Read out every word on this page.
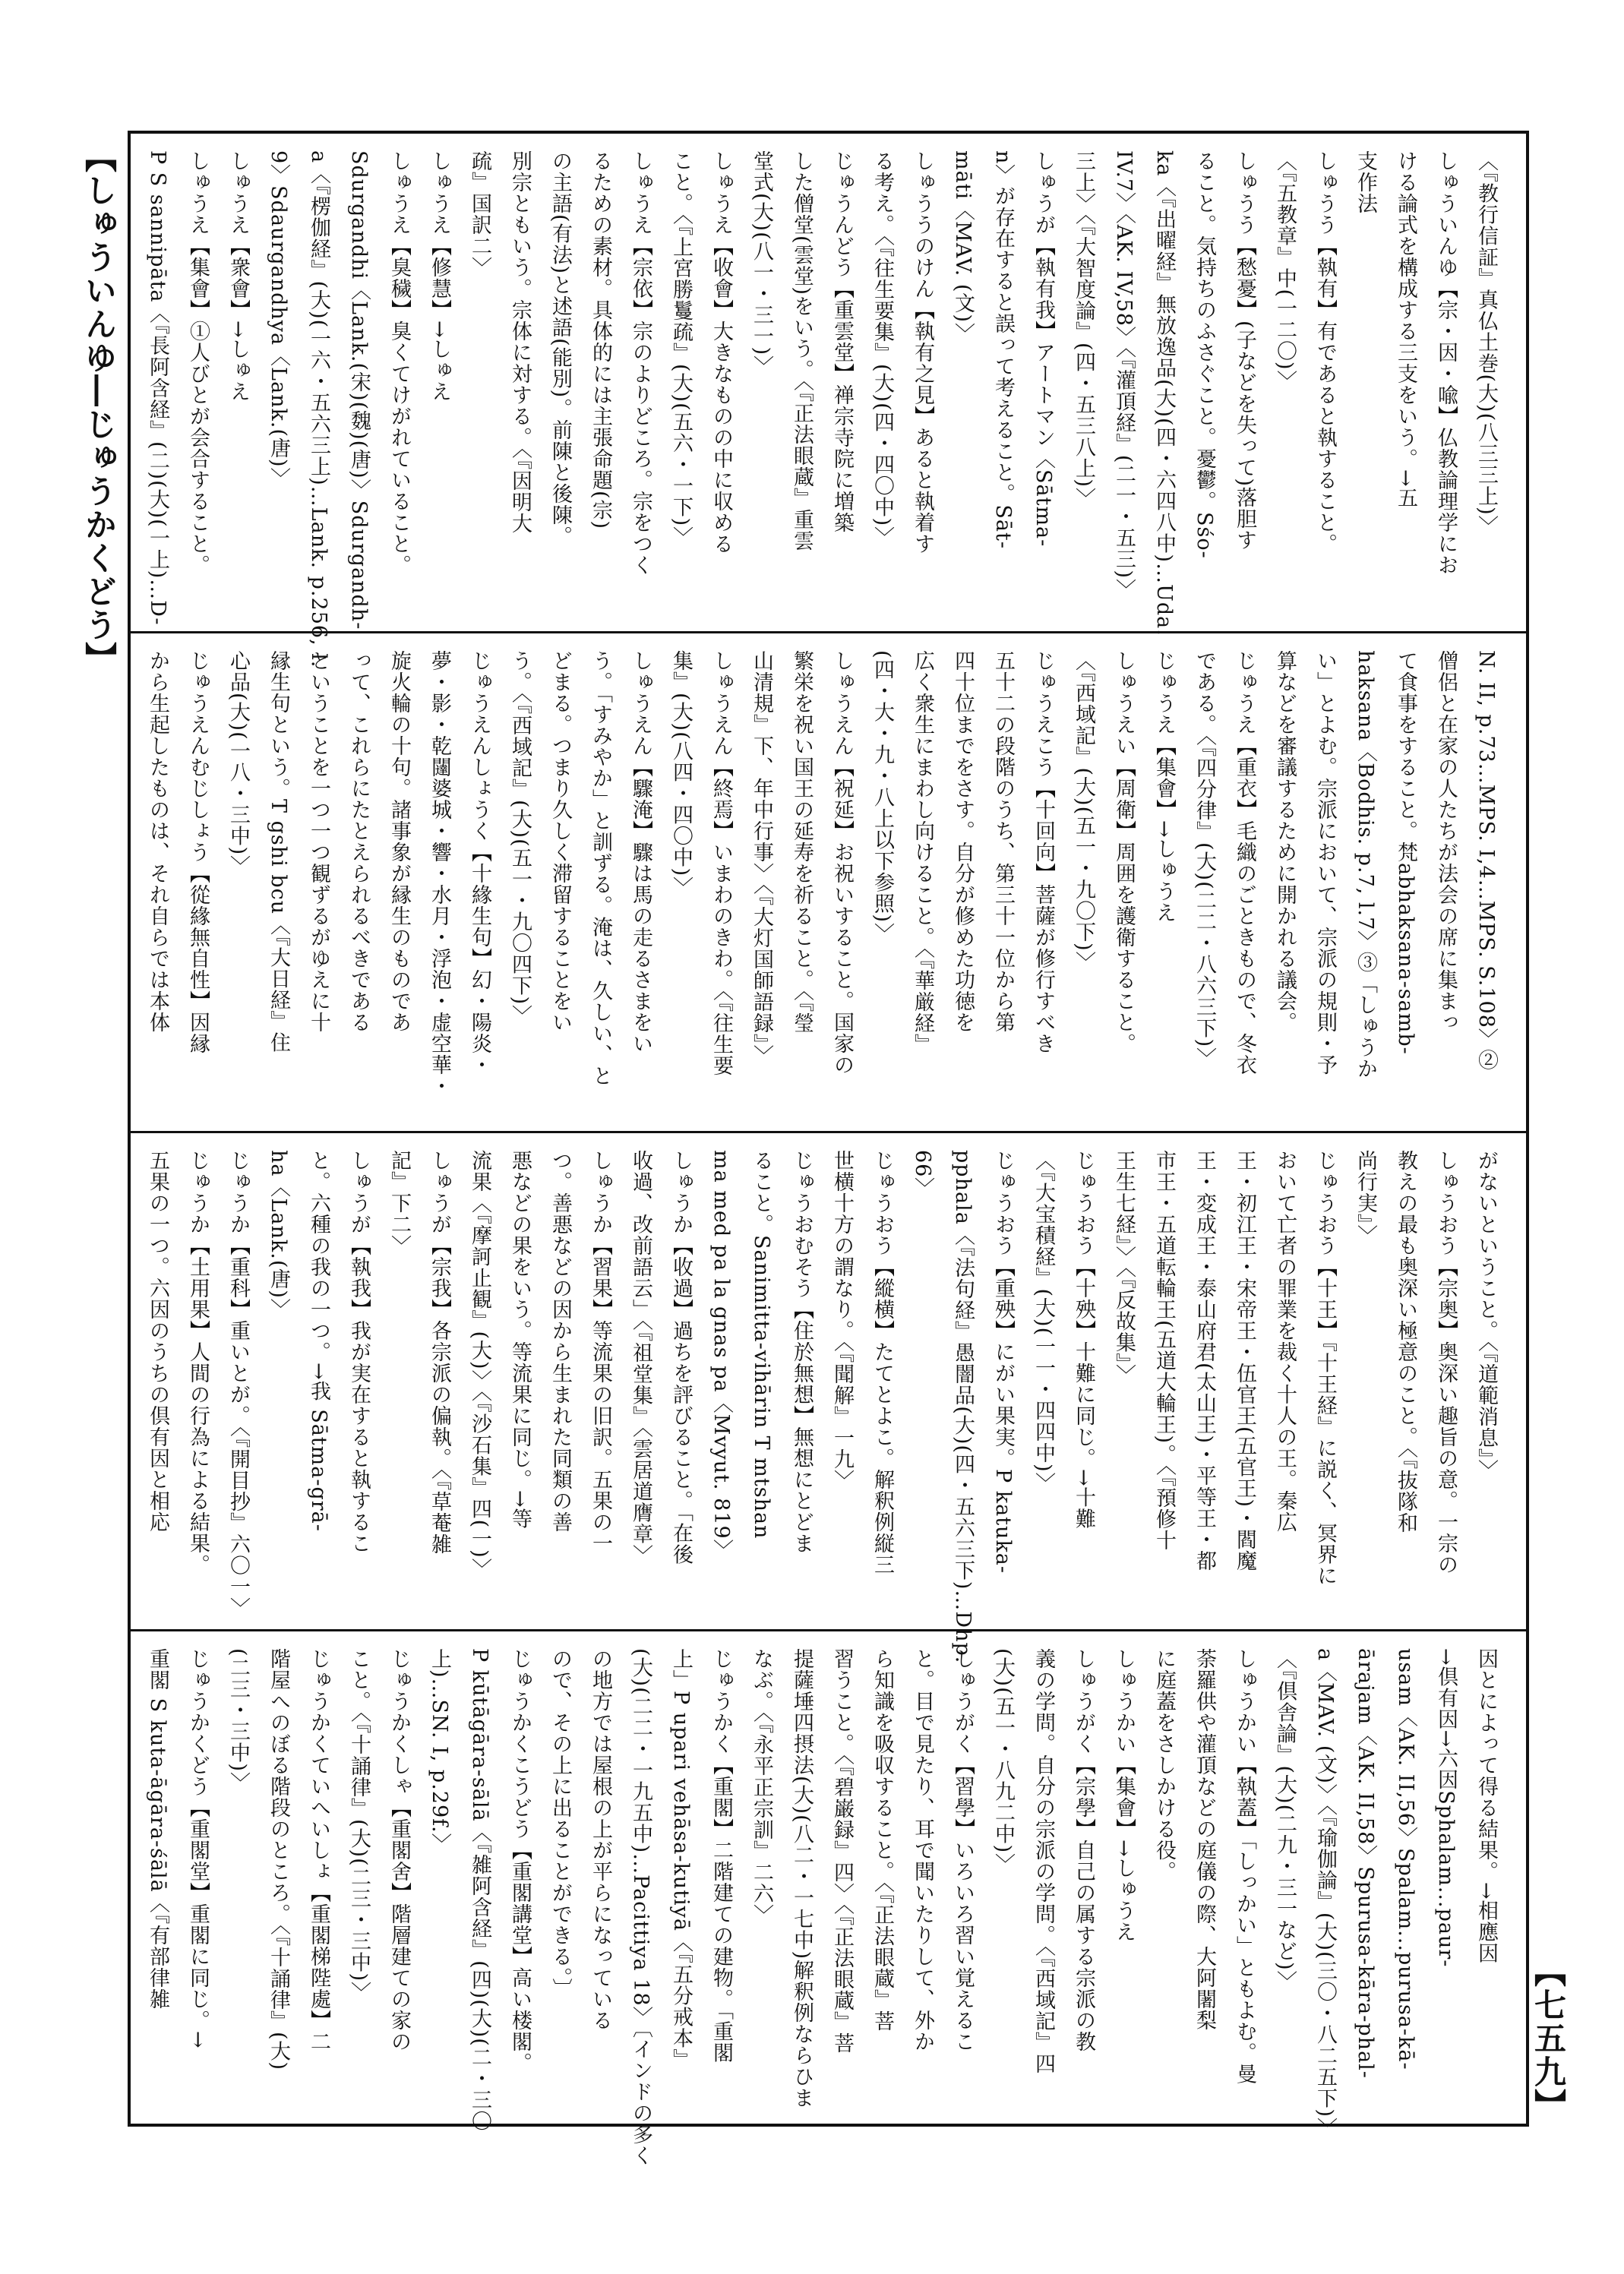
【しゅういんゆ―じゅうかくどう】
【七五九】

〈『教行信証』真仏土巻(大)(八三三上)〉

しゅういんゆ【宗・因・喩】仏教論理学にお

ける論式を構成する三支をいう。→五

支作法

しゅうう【執有】有であると執すること。

〈『五教章』中(一二〇)〉

しゅうう【愁憂】(子などを失って)落胆す

ること。気持ちのふさぐこと。憂鬱。Sśo-

ka〈『出曜経』無放逸品(大)(四・六四八中)…Uda.

IV.7〉〈AK. IV,58〉〈『灌頂経』(二一・五三)〉

三上〉〈『大智度論』(四・五三八上)〉

しゅうが【執有我】アートマン〈Sātma-

n〉が存在すると誤って考えること。Sāt-

māti〈MAV. (文)〉

しゅううのけん【執有之見】あると執着す

る考え。〈『往生要集』(大)(四・四〇中)〉

じゅうんどう【重雲堂】禅宗寺院に増築

した僧堂(雲堂)をいう。〈『正法眼蔵』重雲

堂式(大)(八一・三一)〉

しゅうえ【收會】大きなものの中に収める

こと。〈『上宮勝鬘疏』(大)(五六・一下)〉

しゅうえ【宗依】宗のよりどころ。宗をつく

るための素材。具体的には主張命題(宗)

の主語(有法)と述語(能別)。前陳と後陳。

別宗ともいう。宗体に対する。〈『因明大

疏』国訳二〉

しゅうえ【修慧】→しゅえ

しゅうえ【臭穢】臭くてけがれていること。

Sdurgandhi〈Lank.(宋)(魏)(唐)〉Sdurgandh-

a〈『楞伽経』(大)(一六・五六三上)…Lank. p.256, l.

9〉Sdaurgandhya〈Lank.(唐)〉

しゅうえ【衆會】→しゅえ

しゅうえ【集會】①人びとが会合すること。

P S sannipāta〈『長阿含経』(二)(大)(一上)…D-

N. II, p.73…MPS. I,4…MPS. S.108〉②

僧侶と在家の人たちが法会の席に集まっ

て食事をすること。梵abhaksana-samb-

haksana〈Bodhis. p.7, l.7〉③「しゅうか

い」とよむ。宗派において、宗派の規則・予

算などを審議するために開かれる議会。

じゅうえ【重衣】毛織のごときもので、冬衣

である。〈『四分律』(大)(二二・八六三下)〉

じゅうえ【集會】→しゅうえ

しゅうえい【周衛】周囲を護衛すること。

〈『西域記』(大)(五一・九〇下)〉

じゅうえこう【十回向】菩薩が修行すべき

五十二の段階のうち、第三十一位から第

四十位までをさす。自分が修めた功徳を

広く衆生にまわし向けること。〈『華厳経』

(四・大・九・八上以下参照)〉

しゅうえん【祝延】お祝いすること。国家の

繁栄を祝い国王の延寿を祈ること。〈『瑩

山清規』下、年中行事〉〈『大灯国師語録』〉

しゅうえん【終焉】いまわのきわ。〈『往生要

集』(大)(八四・四〇中)〉

しゅうえん【驟淹】驟は馬の走るさまをい

う。「すみやか」と訓ずる。淹は、久しい、と

どまる。つまり久しく滞留することをい

う。〈『西域記』(大)(五一・九〇四下)〉

じゅうえんしょうく【十緣生句】幻・陽炎・

夢・影・乾闥婆城・響・水月・浮泡・虚空華・

旋火輪の十句。諸事象が縁生のものであ

って、これらにたとえられるべきである

ということを一つ一つ観ずるがゆえに十

縁生句という。T gshi bcu〈『大日経』住

心品(大)(一八・三中)〉

じゅうえんむじしょう【從緣無自性】因縁

から生起したものは、それ自らでは本体

がないということ。〈『道範消息』〉

しゅうおう【宗奥】奥深い趣旨の意。一宗の

教えの最も奥深い極意のこと。〈『抜隊和

尚行実』〉

じゅうおう【十王】『十王経』に説く、冥界に

おいて亡者の罪業を裁く十人の王。秦広

王・初江王・宋帝王・伍官王(五官王)・閻魔

王・変成王・泰山府君(太山王)・平等王・都

市王・五道転輪王(五道大輪王)。〈『預修十

王生七経』〉〈『反故集』〉

じゅうおう【十殃】十難に同じ。→十難

〈『大宝積経』(大)(一一・四四中)〉

じゅうおう【重殃】にがい果実。P katuka-

pphala〈『法句経』愚闇品(大)(四・五六三下)…Dhp.

66〉

じゅうおう【縱横】たてとよこ。解釈例縦三

世横十方の謂なり。〈『聞解』一九〉

じゅうおむそう【住於無想】無想にとどま

ること。Sanimitta-vihārin T mtshan

ma med pa la gnas pa〈Mvyut. 819〉

しゅうか【收過】過ちを評びること。「在後

收過、改前語云」〈『祖堂集』〈雲居道膺章〉

しゅうか【習果】等流果の旧訳。五果の一

つ。善悪などの因から生まれた同類の善

悪などの果をいう。等流果に同じ。→等

流果〈『摩訶止観』(大)〉〈『沙石集』四(一)〉

しゅうが【宗我】各宗派の偏執。〈『草菴雑

記』下二〉

しゅうが【執我】我が実在すると執するこ

と。六種の我の一つ。→我 Sātma-grā-

ha〈Lank.(唐)〉

じゅうか【重科】重いとが。〈『開目抄』六〇一〉

じゅうか【土用果】人間の行為による結果。

五果の一つ。六因のうちの倶有因と相応

因とによって得る結果。→相應因

→倶有因→六因Sphalam...paur-

usam〈AK. II,56〉Spalam...purusa-kā-

ārajam〈AK. II,58〉Spurusa-kāra-phal-

a〈MAV. (文)〉〈『瑜伽論』(大)(三〇・八二五下)〉

〈『倶舎論』(大)(二九・三一など)〉

しゅうかい【執蓋】「しっかい」ともよむ。曼

荼羅供や灌頂などの庭儀の際、大阿闍梨

に庭蓋をさしかける役。

しゅうかい【集會】→しゅうえ

しゅうがく【宗學】自己の属する宗派の教

義の学問。自分の宗派の学問。〈『西域記』四

(大)(五一・八九二中)〉

しゅうがく【習學】いろいろ習い覚えるこ

と。目で見たり、耳で聞いたりして、外か

ら知識を吸収すること。〈『正法眼蔵』菩

習うこと。〈『碧巌録』四〉〈『正法眼蔵』菩

提薩埵四摂法(大)(八二・一七中)解釈例ならひま

なぶ。〈『永平正宗訓』二六〉

じゅうかく【重閣】二階建ての建物。「重閣

上」P upari vehāsa-kutiyā〈『五分戒本』

(大)(二二・一九五中)…Pacittiya 18〉〔インドの多く

の地方では屋根の上が平らになっている

ので、その上に出ることができる。〕

じゅうかくこうどう【重閣講堂】高い楼閣。

P kūtāgāra-sālā〈『雑阿含経』(四)(大)(二・三〇

上)…SN. I, p.29f.〉

じゅうかくしゃ【重閣舍】階層建ての家の

こと。〈『十誦律』(大)(二三・三中)〉

じゅうかくていへいしょ【重閣梯陛處】二

階屋へのぼる階段のところ。〈『十誦律』(大)

(二三・三中)〉

じゅうかくどう【重閣堂】重閣に同じ。→

重閣 S kuta-āgāra-śālā〈『有部律雑
